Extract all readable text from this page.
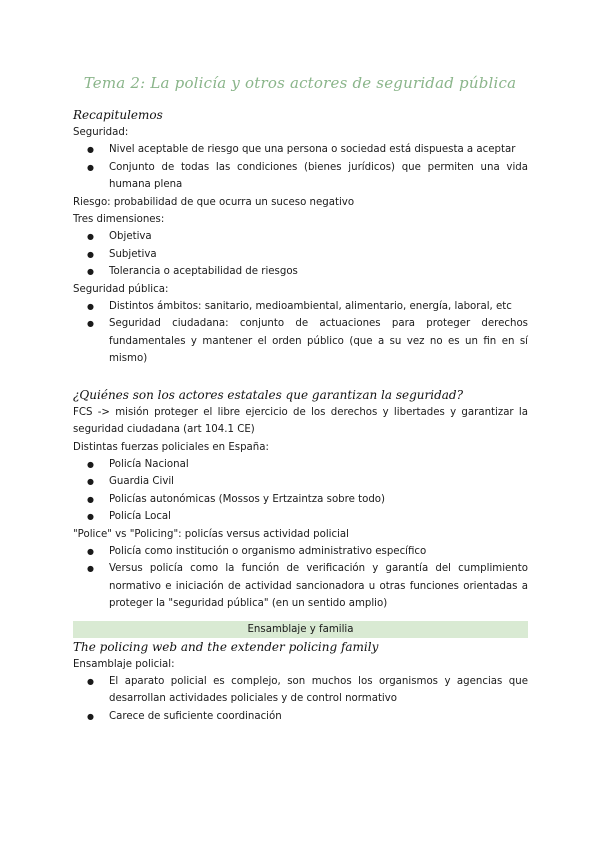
Tema 2: La policía y otros actores de seguridad pública
Recapitulemos

Seguridad:

● Nivel aceptable de riesgo que una persona o sociedad está dispuesta a aceptar
● Conjunto de todas las condiciones (bienes jurídicos) que permiten una vida humana plena

Riesgo: probabilidad de que ocurra un suceso negativo

Tres dimensiones:

● Objetiva
● Subjetiva
● Tolerancia o aceptabilidad de riesgos

Seguridad pública:

● Distintos ámbitos: sanitario, medioambiental, alimentario, energía, laboral, etc
● Seguridad ciudadana: conjunto de actuaciones para proteger derechos fundamentales y mantener el orden público (que a su vez no es un fin en sí mismo)
¿Quiénes son los actores estatales que garantizan la seguridad?

FCS -> misión proteger el libre ejercicio de los derechos y libertades y garantizar la seguridad ciudadana (art 104.1 CE)

Distintas fuerzas policiales en España:

● Policía Nacional
● Guardia Civil
● Policías autonómicas (Mossos y Ertzaintza sobre todo)
● Policía Local

"Police" vs "Policing": policías versus actividad policial

● Policía como institución o organismo administrativo específico
● Versus policía como la función de verificación y garantía del cumplimiento normativo e iniciación de actividad sancionadora u otras funciones orientadas a proteger la "seguridad pública" (en un sentido amplio)
Ensamblaje y familia
The policing web and the extender policing family

Ensamblaje policial:

● El aparato policial es complejo, son muchos los organismos y agencias que desarrollan actividades policiales y de control normativo
● Carece de suficiente coordinación
